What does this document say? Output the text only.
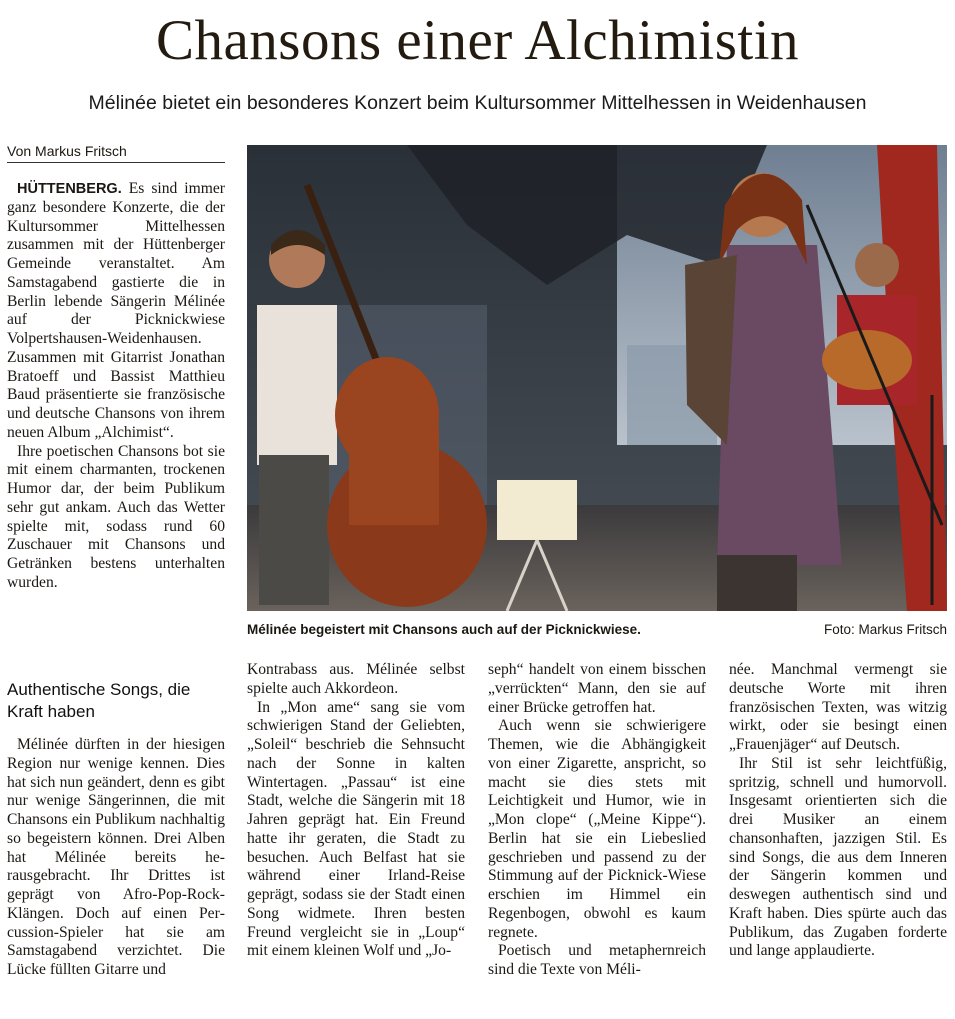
Chansons einer Alchimistin
Mélinée bietet ein besonderes Konzert beim Kultursommer Mittelhessen in Weidenhausen
Von Markus Fritsch

HÜTTENBERG. Es sind immer ganz besondere Konzerte, die der Kultursommer Mittelhessen zusammen mit der Hüttenberger Gemeinde veranstaltet. Am Samstagabend gastierte die in Berlin lebende Sängerin Mélinée auf der Picknickwiese Volpertshausen-Weidenhausen. Zusammen mit Gitarrist Jonathan Bratoeff und Bassist Matthieu Baud präsentierte sie französische und deutsche Chansons von ihrem neuen Album „Alchimist“.

Ihre poetischen Chansons bot sie mit einem charmanten, trockenen Humor dar, der beim Publikum sehr gut ankam. Auch das Wetter spielte mit, sodass rund 60 Zuschauer mit Chansons und Getränken bestens unterhalten wurden.

Authentische Songs, die Kraft haben

Mélinée dürften in der hiesigen Region nur wenige kennen. Dies hat sich nun geändert, denn es gibt nur wenige Sängerinnen, die mit Chansons ein Publikum nachhaltig so begeistern können. Drei Alben hat Mélinée bereits herausgebracht. Ihr Drittes ist geprägt von Afro-Pop-Rock-Klängen. Doch auf einen Percussion-Spieler hat sie am Samstagabend verzichtet. Die Lücke füllten Gitarre und

Mélinée begeistert mit Chansons auch auf der Picknickwiese.	Foto: Markus Fritsch

Kontrabass aus. Mélinée selbst spielte auch Akkordeon.

In „Mon ame“ sang sie vom schwierigen Stand der Geliebten, „Soleil“ beschrieb die Sehnsucht nach der Sonne in kalten Wintertagen. „Passau“ ist eine Stadt, welche die Sängerin mit 18 Jahren geprägt hat. Ein Freund hatte ihr geraten, die Stadt zu besuchen. Auch Belfast hat sie während einer Irland-Reise geprägt, sodass sie der Stadt einen Song widmete. Ihren besten Freund vergleicht sie in „Loup“ mit einem kleinen Wolf und „Jo-

seph“ handelt von einem bisschen „verrückten“ Mann, den sie auf einer Brücke getroffen hat.

Auch wenn sie schwierigere Themen, wie die Abhängigkeit von einer Zigarette, anspricht, so macht sie dies stets mit Leichtigkeit und Humor, wie in „Mon clope“ („Meine Kippe“). Berlin hat sie ein Liebeslied geschrieben und passend zu der Stimmung auf der Picknick-Wiese erschien im Himmel ein Regenbogen, obwohl es kaum regnete.

Poetisch und metaphernreich sind die Texte von Méli-

née. Manchmal vermengt sie deutsche Worte mit ihren französischen Texten, was witzig wirkt, oder sie besingt einen „Frauenjäger“ auf Deutsch.

Ihr Stil ist sehr leichtfüßig, spritzig, schnell und humorvoll. Insgesamt orientierten sich die drei Musiker an einem chansonhaften, jazzigen Stil. Es sind Songs, die aus dem Inneren der Sängerin kommen und deswegen authentisch sind und Kraft haben. Dies spürte auch das Publikum, das Zugaben forderte und lange applaudierte.
